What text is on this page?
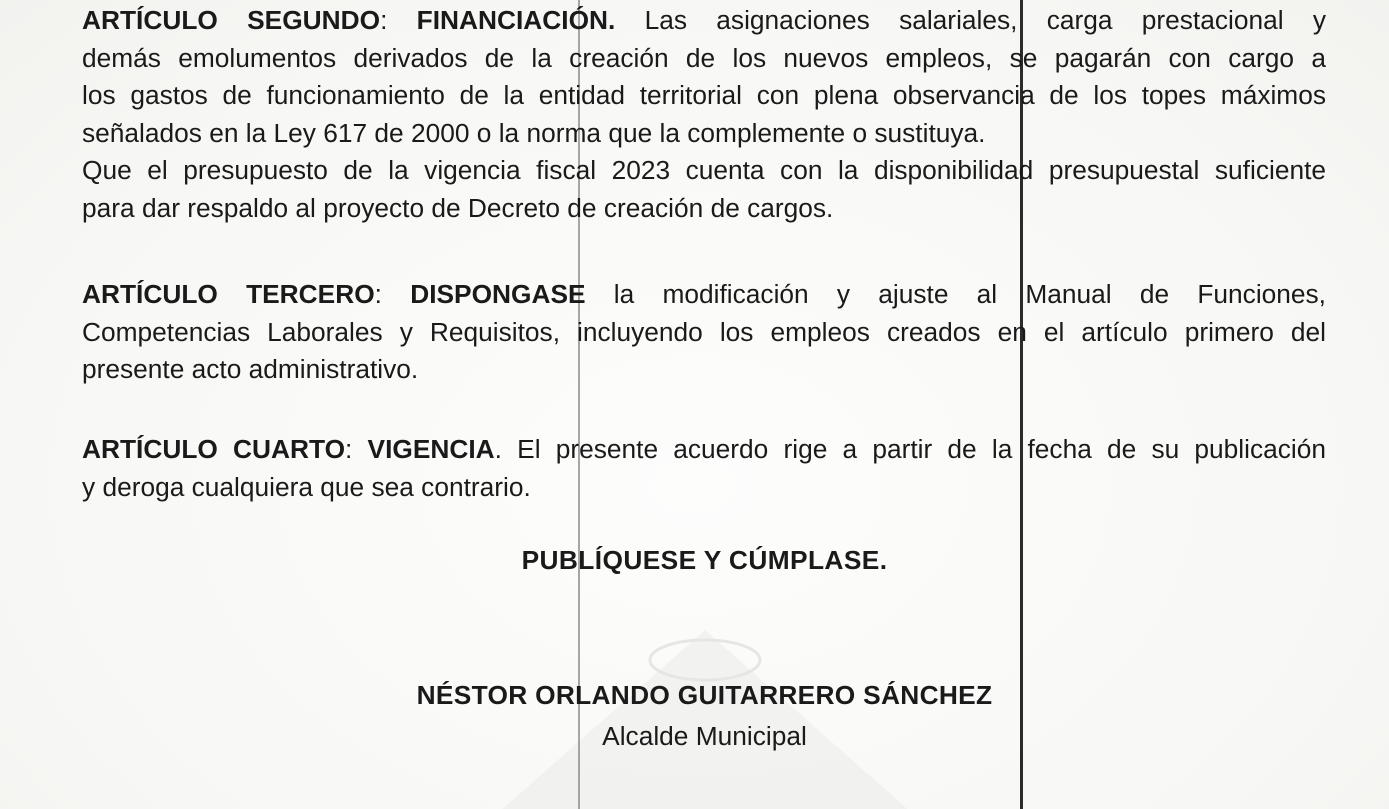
ARTÍCULO SEGUNDO: FINANCIACIÓN. Las asignaciones salariales, carga prestacional y
demás emolumentos derivados de la creación de los nuevos empleos, se pagarán con cargo a
los gastos de funcionamiento de la entidad territorial con plena observancia de los topes máximos
señalados en la Ley 617 de 2000 o la norma que la complemente o sustituya.
Que el presupuesto de la vigencia fiscal 2023 cuenta con la disponibilidad presupuestal suficiente
para dar respaldo al proyecto de Decreto de creación de cargos.
ARTÍCULO TERCERO: DISPONGASE la modificación y ajuste al Manual de Funciones,
Competencias Laborales y Requisitos, incluyendo los empleos creados en el artículo primero del
presente acto administrativo.
ARTÍCULO CUARTO: VIGENCIA. El presente acuerdo rige a partir de la fecha de su publicación
y deroga cualquiera que sea contrario.

PUBLÍQUESE Y CÚMPLASE.

NÉSTOR ORLANDO GUITARRERO SÁNCHEZ

Alcalde Municipal
